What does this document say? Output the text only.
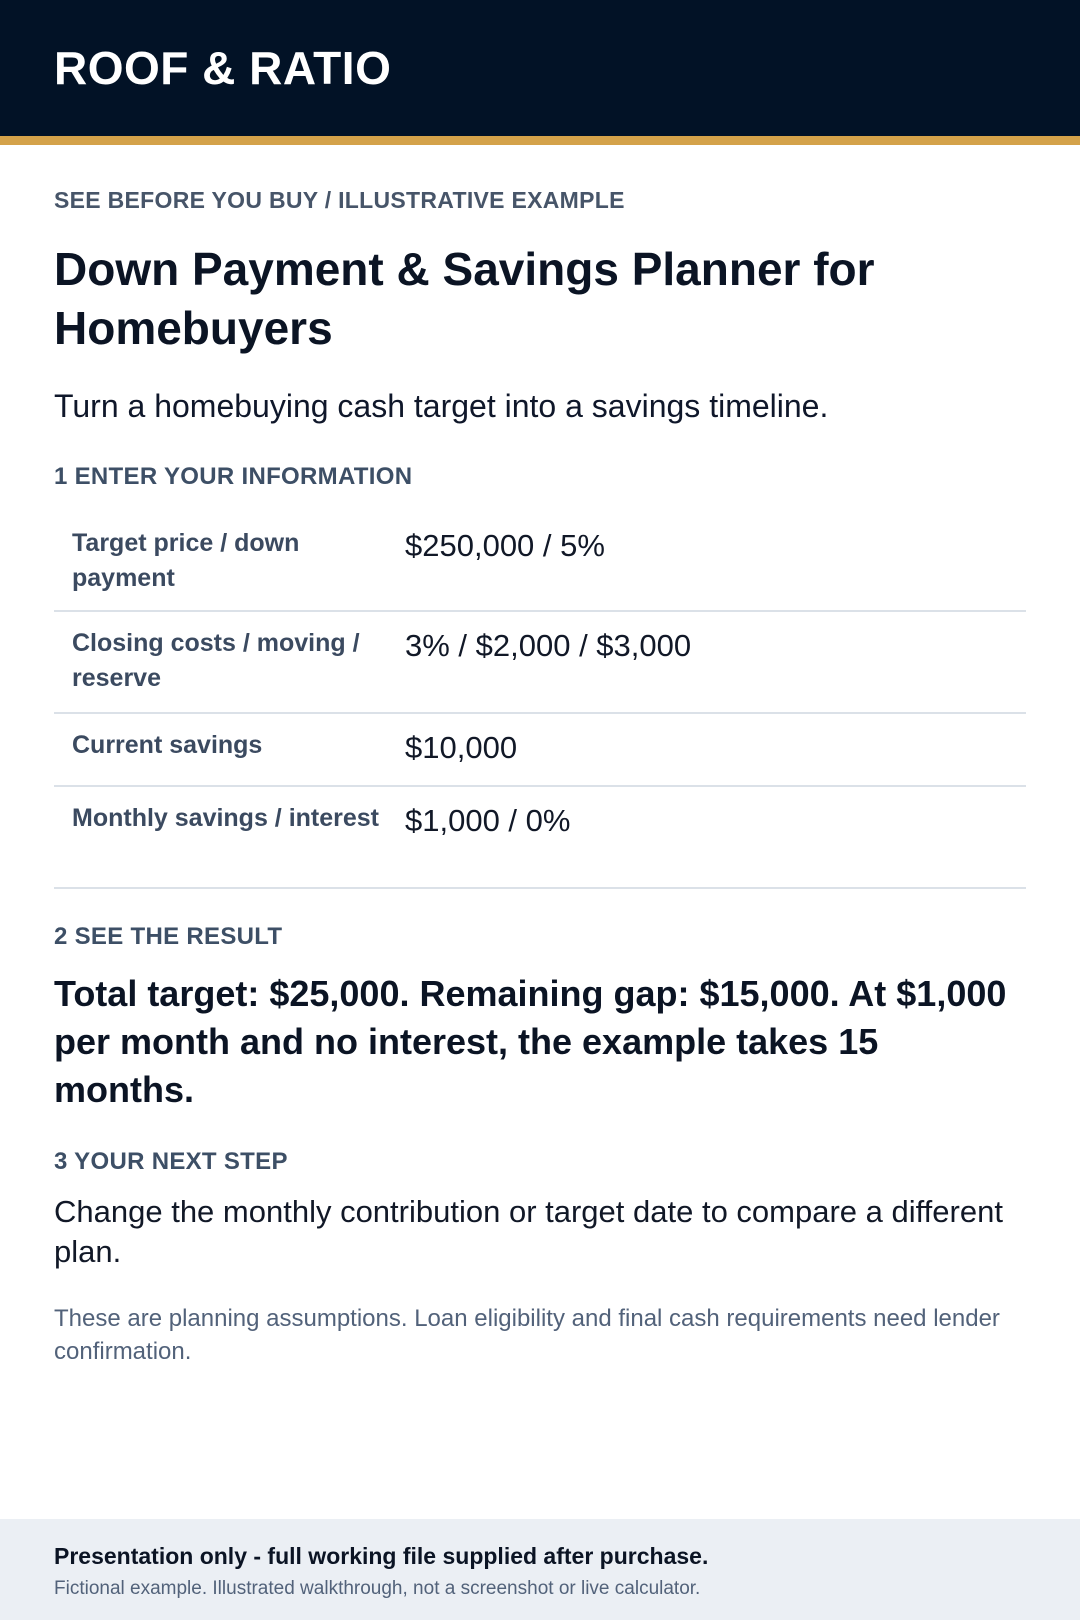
ROOF & RATIO
SEE BEFORE YOU BUY / ILLUSTRATIVE EXAMPLE
Down Payment & Savings Planner for Homebuyers

Turn a homebuying cash target into a savings timeline.

1 ENTER YOUR INFORMATION
Target price / down payment
$250,000 / 5%
Closing costs / moving / reserve
3% / $2,000 / $3,000
Current savings	$10,000
Monthly savings / interest $1,000 / 0%
2 SEE THE RESULT

Total target: $25,000. Remaining gap: $15,000. At $1,000 per month and no interest, the example takes 15 months.

3 YOUR NEXT STEP

Change the monthly contribution or target date to compare a different plan.

These are planning assumptions. Loan eligibility and final cash requirements need lender confirmation.

Presentation only - full working file supplied after purchase.
Fictional example. Illustrated walkthrough, not a screenshot or live calculator.
